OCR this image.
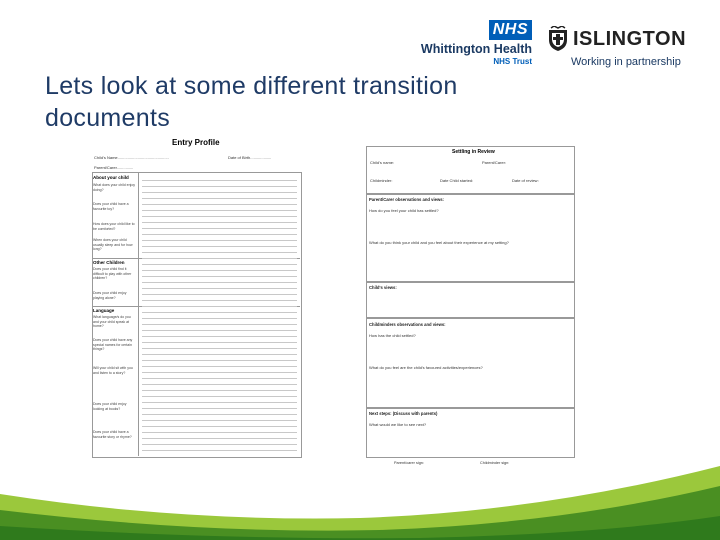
NHS
Whittington Health
NHS Trust
ISLINGTON
Working in partnership
Lets look at some different transition documents
Entry Profile
Child's Name..............................................	Date of Birth...................
Parent/Carer...............
About your child
What does your child enjoy doing?
Does your child have a favourite toy?
How does your child like to be comforted?
When does your child usually sleep and for how long?
Other Children
Does your child find it difficult to play with other children?
Does your child enjoy playing alone?
Language
What language/s do you and your child speak at home?
Does your child have any special names for certain things?
Will your child sit with you and listen to a story?
Does your child enjoy looking at books?
Does your child have a favourite story or rhyme?
Settling in Review
Child's name:	Parent/Carer:
Childminder:	Date Child started:	Date of review:
Parent/Carer observations and views:
How do you feel your child has settled?
What do you think your child and you feel about their experience at my setting?
Child's views:
Childminders observations and views:
How has the child settled?
What do you feel are the child's favoured activities/experiences?
Next steps: (Discuss with parents)
What would we like to see next?
Parent/carer sign:	Childminder sign:
